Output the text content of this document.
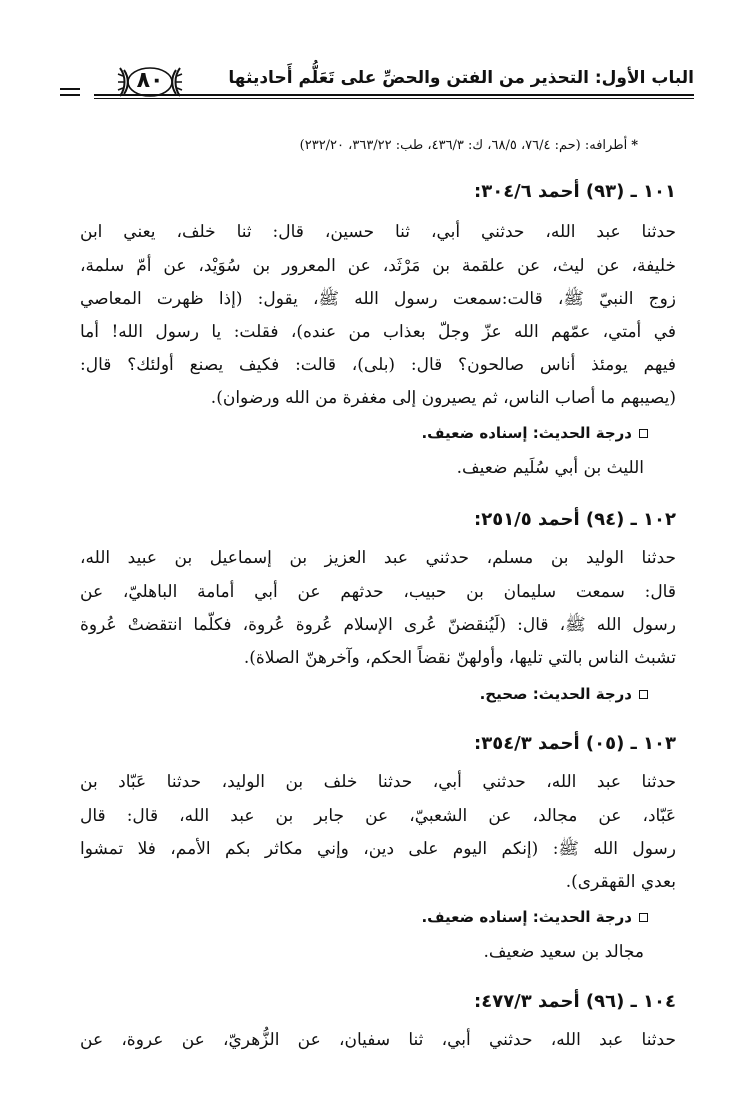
الباب الأول: التحذير من الفتن والحضِّ على تَعَلُّم أَحاديثها
٨٠
*أطرافه: (حم: ٧٦/٤، ٦٨/٥، ك: ٤٣٦/٣، طب: ٣٦٣/٢٢، ٢٣٢/٢٠)
١٠١ ـ (٩٣) أحمد ٣٠٤/٦:
حدثنا عبد الله، حدثني أبي، ثنا حسين، قال: ثنا خلف، يعني ابن
خليفة، عن ليث، عن علقمة بن مَرْثَد، عن المعرور بن سُوَيْد، عن أمّ سلمة،
زوج النبيّ ﷺ، قالت:سمعت رسول الله ﷺ، يقول: (إذا ظهرت المعاصي
في أمتي، عمّهم الله عزّ وجلّ بعذاب من عنده)، فقلت: يا رسول الله! أما
فيهم يومئذ أناس صالحون؟ قال: (بلى)، قالت: فكيف يصنع أولئك؟ قال:
(يصيبهم ما أصاب الناس، ثم يصيرون إلى مغفرة من الله ورضوان).
درجة الحديث: إسناده ضعيف.
الليث بن أبي سُلَيم ضعيف.
١٠٢ ـ (٩٤) أحمد ٢٥١/٥:
حدثنا الوليد بن مسلم، حدثني عبد العزيز بن إسماعيل بن عبيد الله،
قال: سمعت سليمان بن حبيب، حدثهم عن أبي أمامة الباهليّ، عن
رسول الله ﷺ، قال: (لَيُنقضنّ عُرى الإسلام عُروة عُروة، فكلّما انتقضتْ عُروة
تشبث الناس بالتي تليها، وأولهنّ نقضاً الحكم، وآخرهنّ الصلاة).
درجة الحديث: صحيح.
١٠٣ ـ (٠٥) أحمد ٣٥٤/٣:
حدثنا عبد الله، حدثني أبي، حدثنا خلف بن الوليد، حدثنا عَبّاد بن
عَبّاد، عن مجالد، عن الشعبيّ، عن جابر بن عبد الله، قال: قال
رسول الله ﷺ: (إنكم اليوم على دين، وإني مكاثر بكم الأمم، فلا تمشوا
بعدي القهقرى).
درجة الحديث: إسناده ضعيف.
مجالد بن سعيد ضعيف.
١٠٤ ـ (٩٦) أحمد ٤٧٧/٣:
حدثنا عبد الله، حدثني أبي، ثنا سفيان، عن الزُّهريّ، عن عروة، عن
